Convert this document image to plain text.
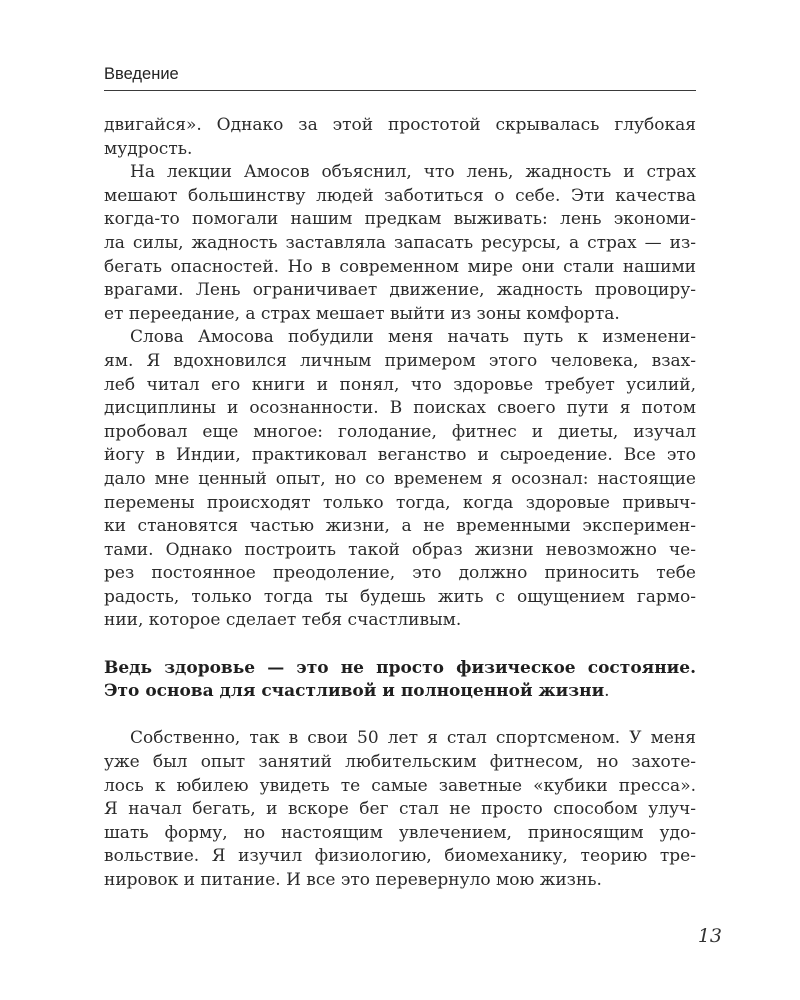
Введение
двигайся». Однако за этой простотой скрывалась глубокая
мудрость.
На лекции Амосов объяснил, что лень, жадность и страх
мешают большинству людей заботиться о себе. Эти качества
когда-то помогали нашим предкам выживать: лень экономи-
ла силы, жадность заставляла запасать ресурсы, а страх — из-
бегать опасностей. Но в современном мире они стали нашими
врагами. Лень ограничивает движение, жадность провоциру-
ет переедание, а страх мешает выйти из зоны комфорта.
Слова Амосова побудили меня начать путь к изменени-
ям. Я вдохновился личным примером этого человека, взах-
леб читал его книги и понял, что здоровье требует усилий,
дисциплины и осознанности. В поисках своего пути я потом
пробовал еще многое: голодание, фитнес и диеты, изучал
йогу в Индии, практиковал веганство и сыроедение. Все это
дало мне ценный опыт, но со временем я осознал: настоящие
перемены происходят только тогда, когда здоровые привыч-
ки становятся частью жизни, а не временными эксперимен-
тами. Однако построить такой образ жизни невозможно че-
рез постоянное преодоление, это должно приносить тебе
радость, только тогда ты будешь жить с ощущением гармо-
нии, которое сделает тебя счастливым.
Ведь здоровье — это не просто физическое состояние.
Это основа для счастливой и полноценной жизни.
Собственно, так в свои 50 лет я стал спортсменом. У меня
уже был опыт занятий любительским фитнесом, но захоте-
лось к юбилею увидеть те самые заветные «кубики пресса».
Я начал бегать, и вскоре бег стал не просто способом улуч-
шать форму, но настоящим увлечением, приносящим удо-
вольствие. Я изучил физиологию, биомеханику, теорию тре-
нировок и питание. И все это перевернуло мою жизнь.
13
